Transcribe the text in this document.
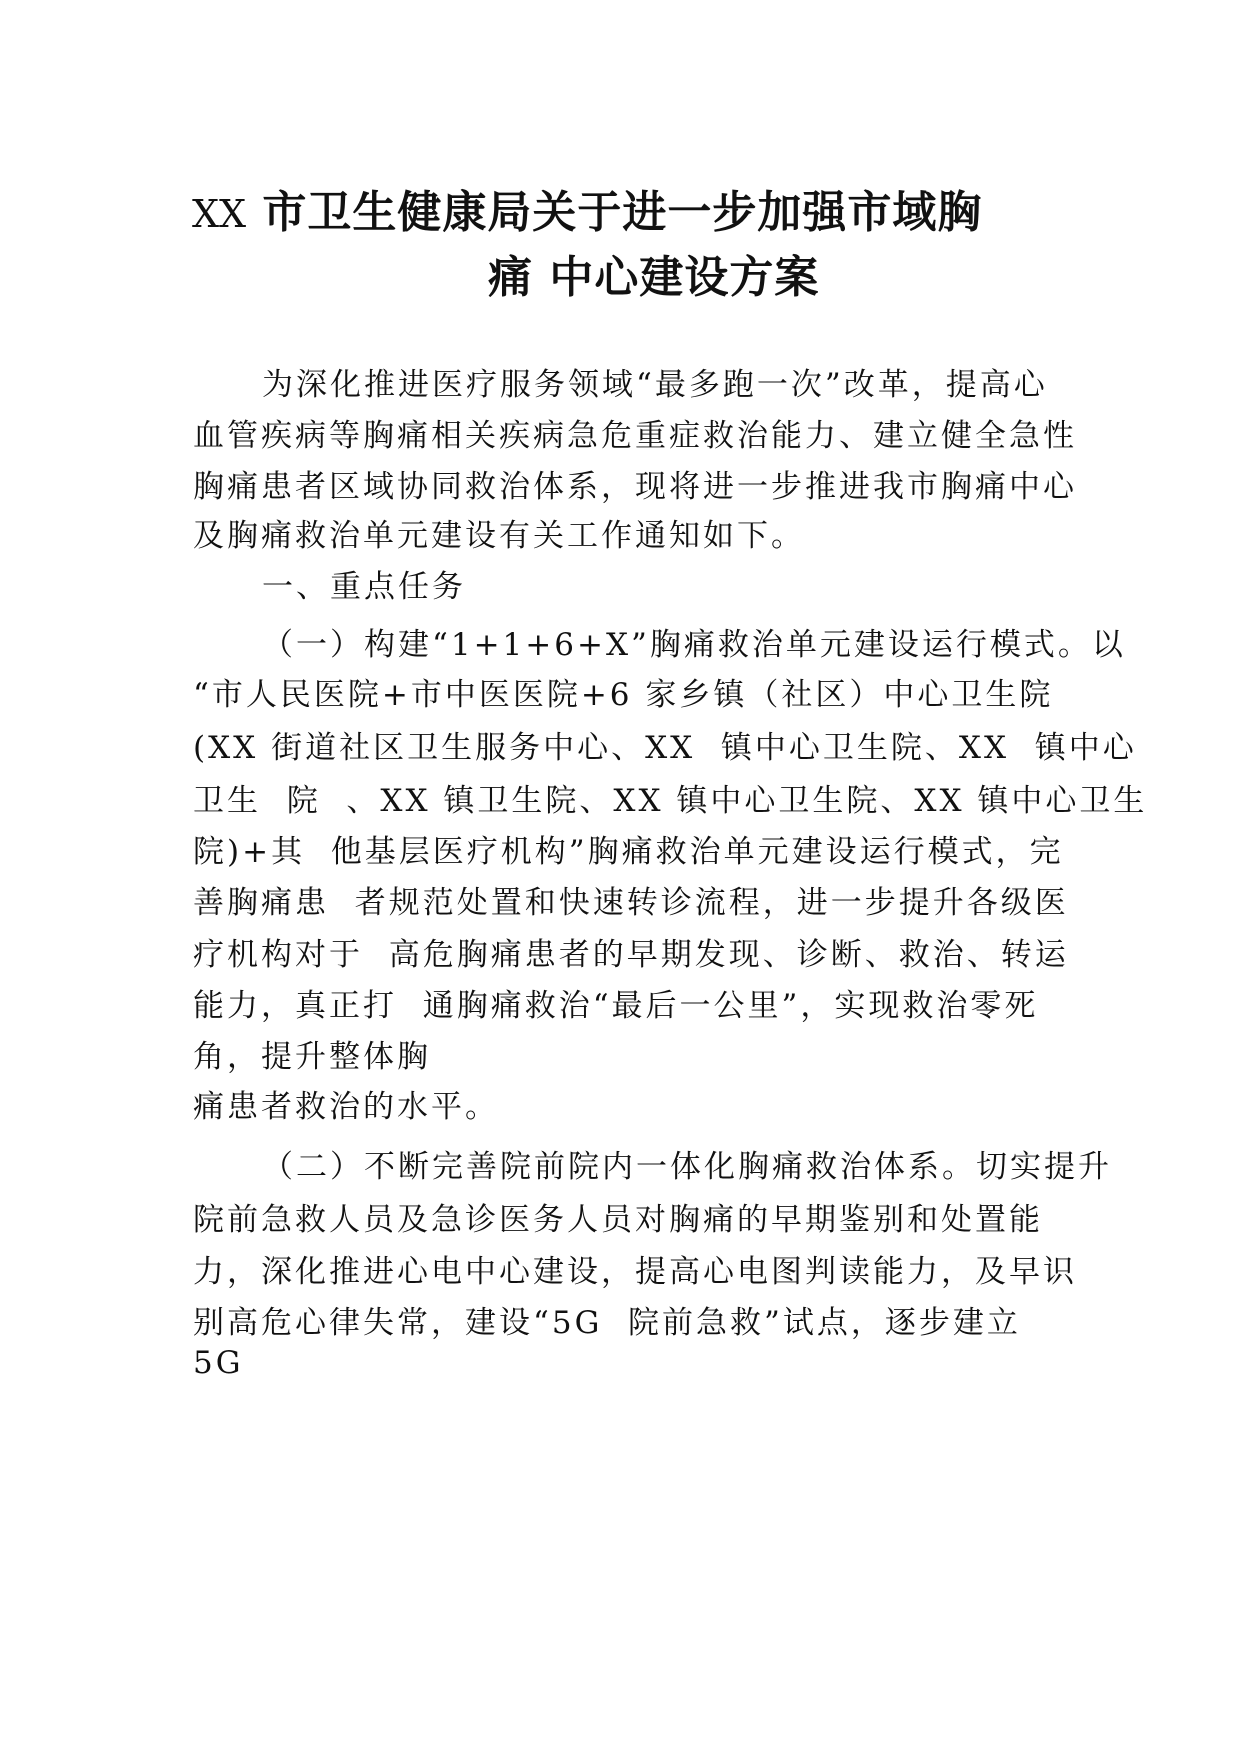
XX 市卫生健康局关于进一步加强市域胸
痛 中心建设方案
为深化推进医疗服务领域“最多跑一次”改革，提高心
血管疾病等胸痛相关疾病急危重症救治能力、建立健全急性
胸痛患者区域协同救治体系，现将进一步推进我市胸痛中心
及胸痛救治单元建设有关工作通知如下。
一、重点任务
（一）构建“1+1+6+X”胸痛救治单元建设运行模式。以
“市人民医院+市中医医院+6 家乡镇（社区）中心卫生院
(XX 街道社区卫生服务中心、XX  镇中心卫生院、XX  镇中心
卫生  院  、XX 镇卫生院、XX 镇中心卫生院、XX 镇中心卫生
院)+其  他基层医疗机构”胸痛救治单元建设运行模式，完
善胸痛患  者规范处置和快速转诊流程，进一步提升各级医
疗机构对于  高危胸痛患者的早期发现、诊断、救治、转运
能力，真正打  通胸痛救治“最后一公里”，实现救治零死
角，提升整体胸
痛患者救治的水平。
（二）不断完善院前院内一体化胸痛救治体系。切实提升
院前急救人员及急诊医务人员对胸痛的早期鉴别和处置能
力，深化推进心电中心建设，提高心电图判读能力，及早识
别高危心律失常，建设“5G  院前急救”试点，逐步建立
5G
